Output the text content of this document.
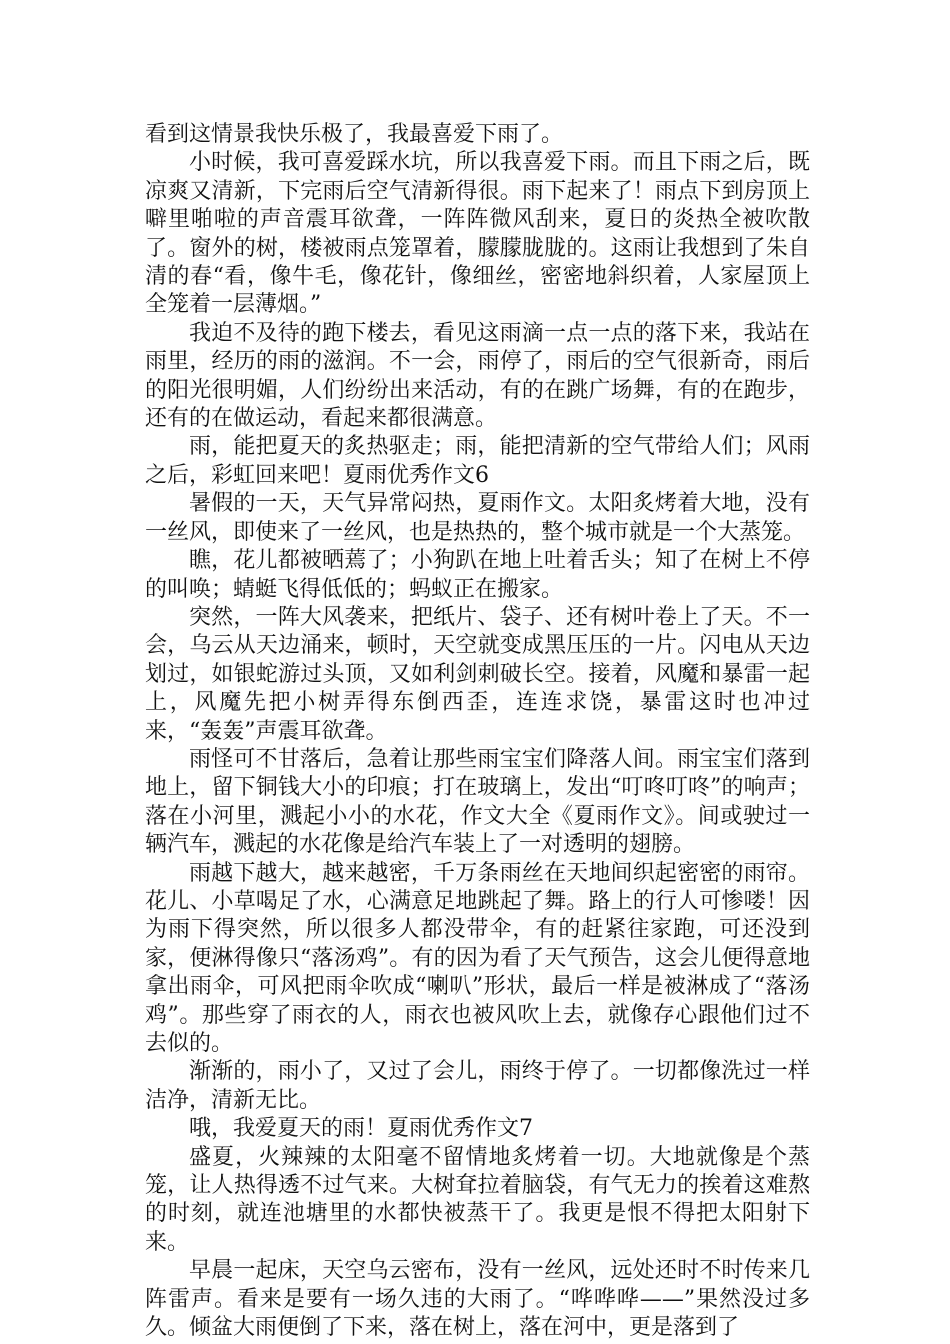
看到这情景我快乐极了，我最喜爱下雨了。

小时候，我可喜爱踩水坑，所以我喜爱下雨。而且下雨之后，既凉爽又清新，下完雨后空气清新得很。雨下起来了！雨点下到房顶上噼里啪啦的声音震耳欲聋，一阵阵微风刮来，夏日的炎热全被吹散了。窗外的树，楼被雨点笼罩着，朦朦胧胧的。这雨让我想到了朱自清的春“看，像牛毛，像花针，像细丝，密密地斜织着，人家屋顶上全笼着一层薄烟。”

我迫不及待的跑下楼去，看见这雨滴一点一点的落下来，我站在雨里，经历的雨的滋润。不一会，雨停了，雨后的空气很新奇，雨后的阳光很明媚，人们纷纷出来活动，有的在跳广场舞，有的在跑步，还有的在做运动，看起来都很满意。

雨，能把夏天的炙热驱走；雨，能把清新的空气带给人们；风雨之后，彩虹回来吧！夏雨优秀作文6

暑假的一天，天气异常闷热，夏雨作文。太阳炙烤着大地，没有一丝风，即使来了一丝风，也是热热的，整个城市就是一个大蒸笼。

瞧，花儿都被晒蔫了；小狗趴在地上吐着舌头；知了在树上不停的叫唤；蜻蜓飞得低低的；蚂蚁正在搬家。

突然，一阵大风袭来，把纸片、袋子、还有树叶卷上了天。不一会，乌云从天边涌来，顿时，天空就变成黑压压的一片。闪电从天边划过，如银蛇游过头顶，又如利剑刺破长空。接着，风魔和暴雷一起上，风魔先把小树弄得东倒西歪，连连求饶，暴雷这时也冲过来，“轰轰”声震耳欲聋。

雨怪可不甘落后，急着让那些雨宝宝们降落人间。雨宝宝们落到地上，留下铜钱大小的印痕；打在玻璃上，发出“叮咚叮咚”的响声；落在小河里，溅起小小的水花，作文大全《夏雨作文》。间或驶过一辆汽车，溅起的水花像是给汽车装上了一对透明的翅膀。

雨越下越大，越来越密，千万条雨丝在天地间织起密密的雨帘。花儿、小草喝足了水，心满意足地跳起了舞。路上的行人可惨喽！因为雨下得突然，所以很多人都没带伞，有的赶紧往家跑，可还没到家，便淋得像只“落汤鸡”。有的因为看了天气预告，这会儿便得意地拿出雨伞，可风把雨伞吹成“喇叭”形状，最后一样是被淋成了“落汤鸡”。那些穿了雨衣的人，雨衣也被风吹上去，就像存心跟他们过不去似的。

渐渐的，雨小了，又过了会儿，雨终于停了。一切都像洗过一样洁净，清新无比。

哦，我爱夏天的雨！夏雨优秀作文7

盛夏，火辣辣的太阳毫不留情地炙烤着一切。大地就像是个蒸笼，让人热得透不过气来。大树耷拉着脑袋，有气无力的挨着这难熬的时刻，就连池塘里的水都快被蒸干了。我更是恨不得把太阳射下来。

早晨一起床，天空乌云密布，没有一丝风，远处还时不时传来几阵雷声。看来是要有一场久违的大雨了。“哗哗哗——”果然没过多久。倾盆大雨便倒了下来，落在树上，落在河中，更是落到了
